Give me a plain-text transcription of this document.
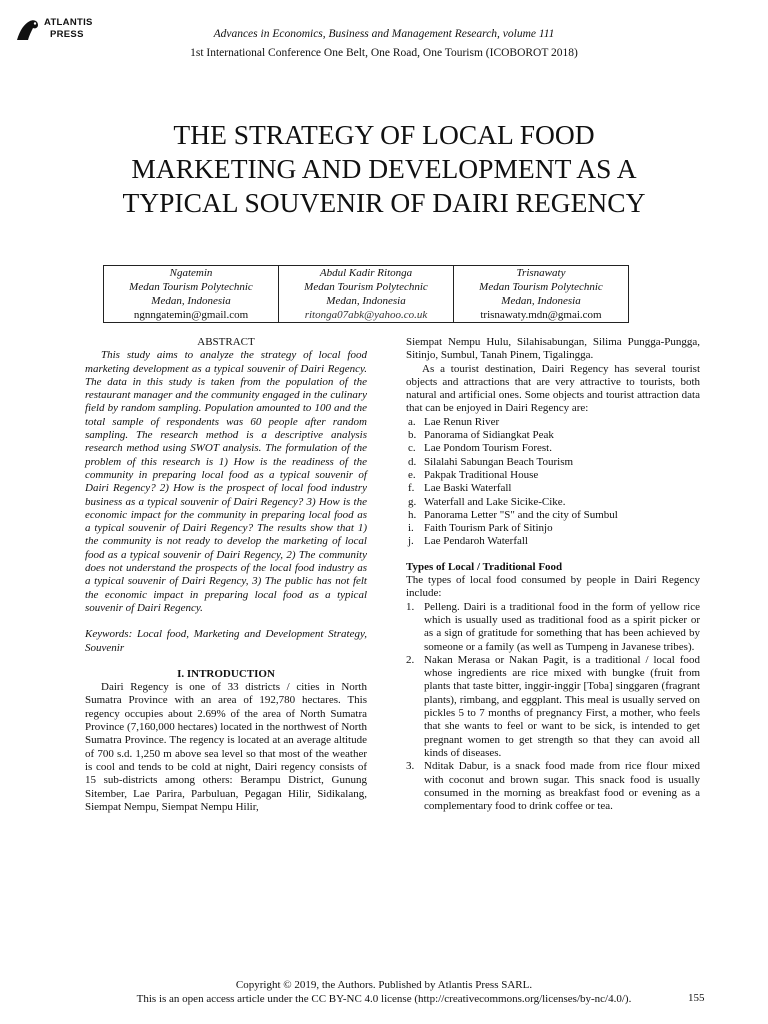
ATLANTIS
PRESS	Advances in Economics, Business and Management Research, volume 111
1st International Conference One Belt, One Road, One Tourism (ICOBOROT 2018)
THE STRATEGY OF LOCAL FOOD MARKETING AND DEVELOPMENT AS A TYPICAL SOUVENIR OF DAIRI REGENCY
Ngatemin
Medan Tourism Polytechnic
Medan, Indonesia
ngnngatemin@gmail.com

Abdul Kadir Ritonga
Medan Tourism Polytechnic
Medan, Indonesia
ritonga07abk@yahoo.co.uk

Trisnawaty
Medan Tourism Polytechnic
Medan, Indonesia
trisnawaty.mdn@gmai.com
ABSTRACT

This study aims to analyze the strategy of local food marketing development as a typical souvenir of Dairi Regency. The data in this study is taken from the population of the restaurant manager and the community engaged in the culinary field by random sampling. Population amounted to 100 and the total sample of respondents was 60 people after random sampling. The research method is a descriptive analysis research method using SWOT analysis. The formulation of the problem of this research is 1) How is the readiness of the community in preparing local food as a typical souvenir of Dairi Regency? 2) How is the prospect of local food industry business as a typical souvenir of Dairi Regency? 3) How is the economic impact for the community in preparing local food as a typical souvenir of Dairi Regency? The results show that 1) the community is not ready to develop the marketing of local food as a typical souvenir of Dairi Regency, 2) The community does not understand the prospects of the local food industry as a typical souvenir of Dairi Regency, 3) The public has not felt the economic impact in preparing local food as a typical souvenir of Dairi Regency.

Keywords: Local food, Marketing and Development Strategy, Souvenir

I. INTRODUCTION

Dairi Regency is one of 33 districts / cities in North Sumatra Province with an area of 192,780 hectares. This regency occupies about 2.69% of the area of North Sumatra Province (7,160,000 hectares) located in the northwest of North Sumatra Province. The regency is located at an average altitude of 700 s.d. 1,250 m above sea level so that most of the weather is cool and tends to be cold at night, Dairi regency consists of 15 sub-districts among others: Berampu District, Gunung Sitember, Lae Parira, Parbuluan, Pegagan Hilir, Sidikalang, Siempat Nempu, Siempat Nempu Hilir,

Siempat Nempu Hulu, Silahisabungan, Silima Pungga-Pungga, Sitinjo, Sumbul, Tanah Pinem, Tigalingga.

As a tourist destination, Dairi Regency has several tourist objects and attractions that are very attractive to tourists, both natural and artificial ones. Some objects and tourist attraction data that can be enjoyed in Dairi Regency are:

a. Lae Renun River
b. Panorama of Sidiangkat Peak
c. Lae Pondom Tourism Forest.
d. Silalahi Sabungan Beach Tourism
e. Pakpak Traditional House
f. Lae Baski Waterfall
g. Waterfall and Lake Sicike-Cike.
h. Panorama Letter "S" and the city of Sumbul
i. Faith Tourism Park of Sitinjo
j. Lae Pendaroh Waterfall

Types of Local / Traditional Food

The types of local food consumed by people in Dairi Regency include:

1. Pelleng. Dairi is a traditional food in the form of yellow rice which is usually used as traditional food as a spirit picker or as a sign of gratitude for something that has been achieved by someone or a family (as well as Tumpeng in Javanese tribes).
2. Nakan Merasa or Nakan Pagit, is a traditional / local food whose ingredients are rice mixed with bungke (fruit from plants that taste bitter, inggir-inggir [Toba] singgaren (fragrant plants), rimbang, and eggplant. This meal is usually served on pickles 5 to 7 months of pregnancy First, a mother, who feels that she wants to feel or want to be sick, is intended to get pregnant women to get strength so that they can avoid all kinds of diseases.
3. Nditak Dabur, is a snack food made from rice flour mixed with coconut and brown sugar. This snack food is usually consumed in the morning as breakfast food or evening as a complementary food to drink coffee or tea.
Copyright © 2019, the Authors. Published by Atlantis Press SARL.
This is an open access article under the CC BY-NC 4.0 license (http://creativecommons.org/licenses/by-nc/4.0/).	155
